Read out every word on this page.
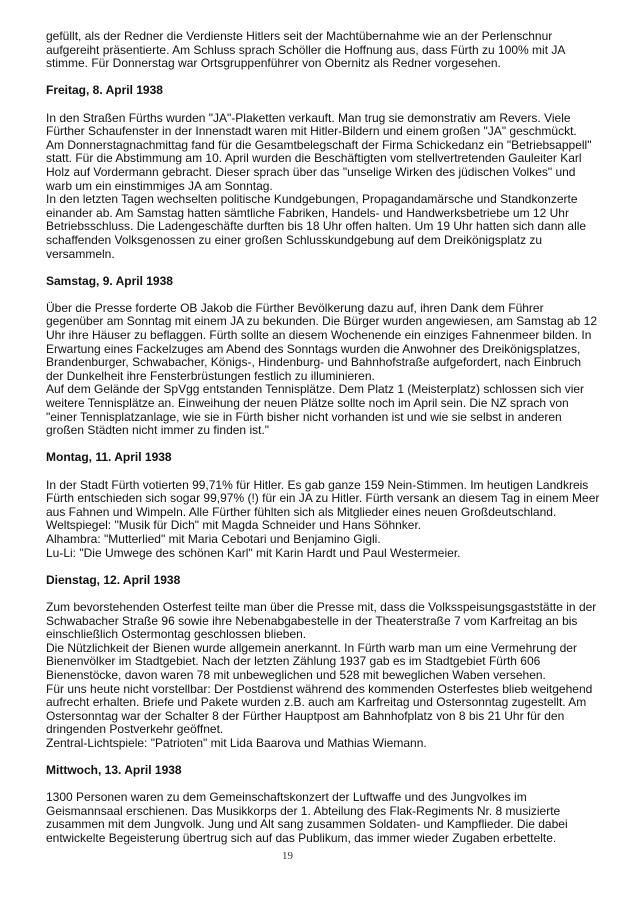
gefüllt, als der Redner die Verdienste Hitlers seit der Machtübernahme wie an der Perlenschnur
aufgereiht präsentierte. Am Schluss sprach Schöller die Hoffnung aus, dass Fürth zu 100% mit JA
stimme. Für Donnerstag war Ortsgruppenführer von Obernitz als Redner vorgesehen.
Freitag, 8. April 1938
In den Straßen Fürths wurden "JA"-Plaketten verkauft. Man trug sie demonstrativ am Revers. Viele
Fürther Schaufenster in der Innenstadt waren mit Hitler-Bildern und einem großen "JA" geschmückt.
Am Donnerstagnachmittag fand für die Gesamtbelegschaft der Firma Schickedanz ein "Betriebsappell"
statt. Für die Abstimmung am 10. April wurden die Beschäftigten vom stellvertretenden Gauleiter Karl
Holz auf Vordermann gebracht. Dieser sprach über das "unselige Wirken des jüdischen Volkes" und
warb um ein einstimmiges JA am Sonntag.
In den letzten Tagen wechselten politische Kundgebungen, Propagandamärsche und Standkonzerte
einander ab. Am Samstag hatten sämtliche Fabriken, Handels- und Handwerksbetriebe um 12 Uhr
Betriebsschluss. Die Ladengeschäfte durften bis 18 Uhr offen halten. Um 19 Uhr hatten sich dann alle
schaffenden Volksgenossen zu einer großen Schlusskundgebung auf dem Dreikönigsplatz zu
versammeln.
Samstag, 9. April 1938
Über die Presse forderte OB Jakob die Fürther Bevölkerung dazu auf, ihren Dank dem Führer
gegenüber am Sonntag mit einem JA zu bekunden. Die Bürger wurden angewiesen, am Samstag ab 12
Uhr ihre Häuser zu beflaggen. Fürth sollte an diesem Wochenende ein einziges Fahnenmeer bilden. In
Erwartung eines Fackelzuges am Abend des Sonntags wurden die Anwohner des Dreikönigsplatzes,
Brandenburger, Schwabacher, Königs-, Hindenburg- und Bahnhofstraße aufgefordert, nach Einbruch
der Dunkelheit ihre Fensterbrüstungen festlich zu illuminieren.
Auf dem Gelände der SpVgg entstanden Tennisplätze. Dem Platz 1 (Meisterplatz) schlossen sich vier
weitere Tennisplätze an. Einweihung der neuen Plätze sollte noch im April sein. Die NZ sprach von
"einer Tennisplatzanlage, wie sie in Fürth bisher nicht vorhanden ist und wie sie selbst in anderen
großen Städten nicht immer zu finden ist."
Montag, 11. April 1938
In der Stadt Fürth votierten 99,71% für Hitler. Es gab ganze 159 Nein-Stimmen. Im heutigen Landkreis
Fürth entschieden sich sogar 99,97% (!) für ein JA zu Hitler. Fürth versank an diesem Tag in einem Meer
aus Fahnen und Wimpeln. Alle Fürther fühlten sich als Mitglieder eines neuen Großdeutschland.
Weltspiegel: "Musik für Dich" mit Magda Schneider und Hans Söhnker.
Alhambra: "Mutterlied" mit Maria Cebotari und Benjamino Gigli.
Lu-Li: "Die Umwege des schönen Karl" mit Karin Hardt und Paul Westermeier.
Dienstag, 12. April 1938
Zum bevorstehenden Osterfest teilte man über die Presse mit, dass die Volksspeisungsgaststätte in der
Schwabacher Straße 96 sowie ihre Nebenabgabestelle in der Theaterstraße 7 vom Karfreitag an bis
einschließlich Ostermontag geschlossen blieben.
Die Nützlichkeit der Bienen wurde allgemein anerkannt. In Fürth warb man um eine Vermehrung der
Bienenvölker im Stadtgebiet. Nach der letzten Zählung 1937 gab es im Stadtgebiet Fürth 606
Bienenstöcke, davon waren 78 mit unbeweglichen und 528 mit beweglichen Waben versehen.
Für uns heute nicht vorstellbar: Der Postdienst während des kommenden Osterfestes blieb weitgehend
aufrecht erhalten. Briefe und Pakete wurden z.B. auch am Karfreitag und Ostersonntag zugestellt. Am
Ostersonntag war der Schalter 8 der Fürther Hauptpost am Bahnhofplatz von 8 bis 21 Uhr für den
dringenden Postverkehr geöffnet.
Zentral-Lichtspiele: "Patrioten" mit Lida Baarova und Mathias Wiemann.
Mittwoch, 13. April 1938
1300 Personen waren zu dem Gemeinschaftskonzert der Luftwaffe und des Jungvolkes im
Geismannsaal erschienen. Das Musikkorps der 1. Abteilung des Flak-Regiments Nr. 8 musizierte
zusammen mit dem Jungvolk. Jung und Alt sang zusammen Soldaten- und Kampflieder. Die dabei
entwickelte Begeisterung übertrug sich auf das Publikum, das immer wieder Zugaben erbettelte.
19
